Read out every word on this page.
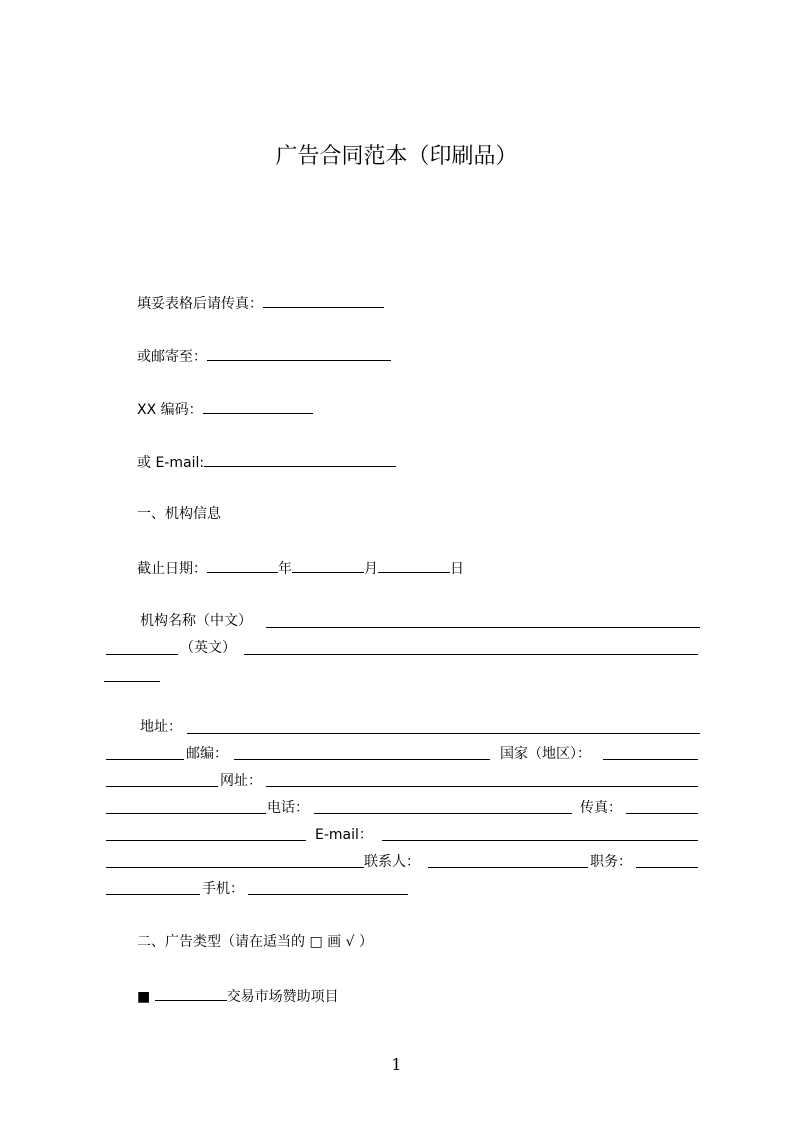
广告合同范本（印刷品）
填妥表格后请传真：
或邮寄至：
XX 编码：
或 E-mail:
一、机构信息
截止日期：	年	月	日
机构名称（中文）
（英文）
地址：
邮编：	国家（地区）：
网址：
电话：	传真：
E-mail：
联系人：	职务：
手机：
二、广告类型（请在适当的 □ 画 √ ）
■	交易市场赞助项目
1
